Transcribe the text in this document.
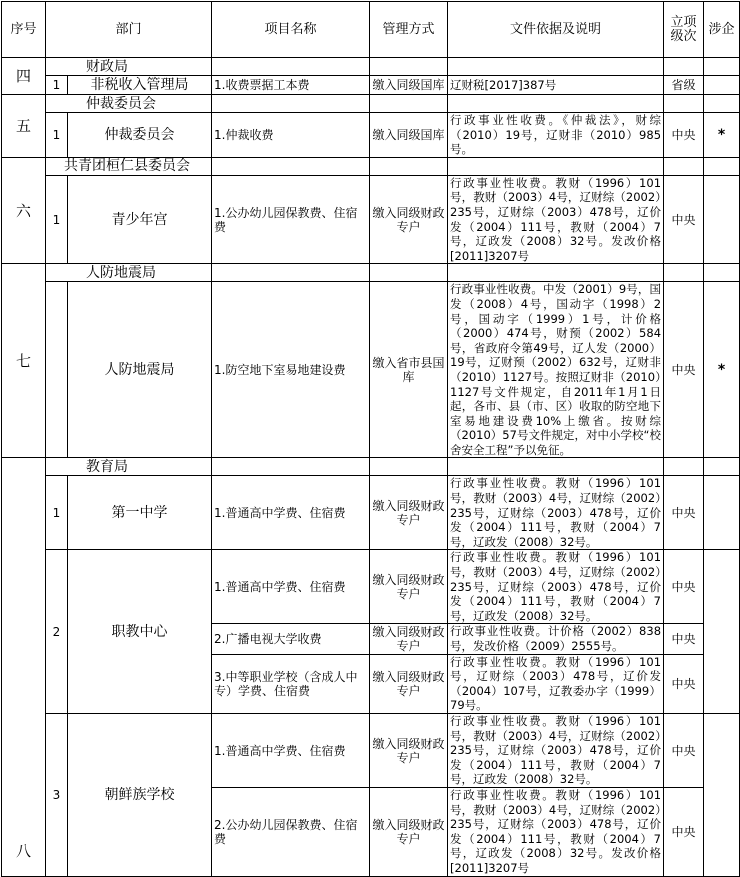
序号	部门		项目名称	管理方式	文件依据及说明	立项级次	涉企
四	财政局						
	1	非税收入管理局	1.收费票据工本费	缴入同级国库	辽财税[2017]387号	省级	
五	仲裁委员会						
	1	仲裁委员会	1.仲裁收费	缴入同级国库	行政事业性收费。《仲裁法》，财综（2010）19号，辽财非（2010）985号。	中央	*
六	共青团桓仁县委员会						
	1	青少年宫	1.公办幼儿园保教费、住宿费	缴入同级财政专户	行政事业性收费。教财（1996）101号，教财（2003）4号，辽财综（2002）235号，辽财综（2003）478号，辽价发（2004）111号，教财（2004）7号，辽政发（2008）32号。发改价格[2011]3207号	中央	
七	人防地震局						
		人防地震局	1.防空地下室易地建设费	缴入省市县国库	行政事业性收费。中发（2001）9号，国发（2008）4号，国动字（1998）2号，国动字（1999）1号，计价格（2000）474号，财预（2002）584号，省政府令第49号，辽人发（2000）19号，辽财预（2002）632号，辽财非（2010）1127号。按照辽财非（2010）1127号文件规定，自2011年1月1日起，各市、县（市、区）收取的防空地下室易地建设费10%上缴省。按财综（2010）57号文件规定，对中小学校“校舍安全工程”予以免征。	中央	*
八	教育局						
	1	第一中学	1.普通高中学费、住宿费	缴入同级财政专户	行政事业性收费。教财（1996）101号，教财（2003）4号，辽财综（2002）235号，辽财综（2003）478号，辽价发（2004）111号，教财（2004）7号，辽政发（2008）32号。	中央	
	2	职教中心	1.普通高中学费、住宿费	缴入同级财政专户	行政事业性收费。教财（1996）101号，教财（2003）4号，辽财综（2002）235号，辽财综（2003）478号，辽价发（2004）111号，教财（2004）7号，辽政发（2008）32号。	中央	
			2.广播电视大学收费	缴入同级财政专户	行政事业性收费。计价格（2002）838号，发改价格（2009）2555号。	中央	
			3.中等职业学校（含成人中专）学费、住宿费	缴入同级财政专户	行政事业性收费。教财（1996）101号，辽财综（2003）478号，辽价发（2004）107号，辽教委办字（1999）79号。	中央	
	3	朝鲜族学校	1.普通高中学费、住宿费	缴入同级财政专户	行政事业性收费。教财（1996）101号，教财（2003）4号，辽财综（2002）235号，辽财综（2003）478号，辽价发（2004）111号，教财（2004）7号，辽政发（2008）32号。	中央	
			2.公办幼儿园保教费、住宿费	缴入同级财政专户	行政事业性收费。教财（1996）101号，教财（2003）4号，辽财综（2002）235号，辽财综（2003）478号，辽价发（2004）111号，教财（2004）7号，辽政发（2008）32号。发改价格[2011]3207号	中央	
